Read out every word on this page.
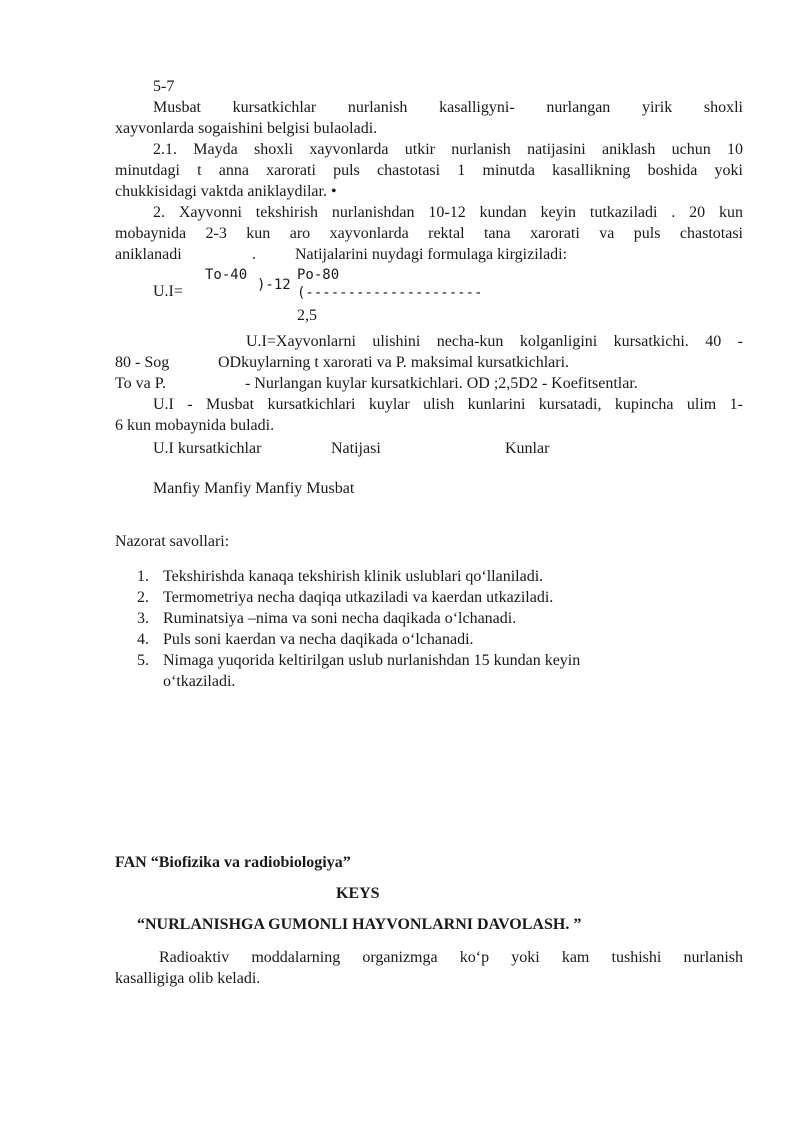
5-7

Musbat kursatkichlar nurlanish kasalligyni- nurlangan yirik shoxli

xayvonlarda sogaishini belgisi bulaoladi.

2.1. Mayda shoxli xayvonlarda utkir nurlanish natijasini aniklash uchun 10

minutdagi t anna xarorati puls chastotasi 1 minutda kasallikning boshida yoki

chukkisidagi vaktda aniklaydilar. •

2. Xayvonni tekshirish nurlanishdan 10-12 kundan keyin tutkaziladi . 20 kun

mobaynida 2-3 kun aro xayvonlarda rektal tana xarorati va puls chastotasi

aniklanadi	. Natijalarini nuydagi formulaga kirgiziladi:

To-40	Po-80
U.I=	)-12 (---------------------
2,5

U.I=Xayvonlarni ulishini necha-kun kolganligini kursatkichi. 40 -

80 - Sog	ODkuylarning t xarorati va P. maksimal kursatkichlari.

To va P.	- Nurlangan kuylar kursatkichlari. OD ;2,5D2 - Koefitsentlar.

U.I - Musbat kursatkichlari kuylar ulish kunlarini kursatadi, kupincha ulim 1-

6 kun mobaynida buladi.

U.I kursatkichlar	Natijasi	Kunlar

Manfiy Manfiy Manfiy Musbat

Nazorat savollari:

1. Tekshirishda kanaqa tekshirish klinik uslublari qo‘llaniladi.
2. Termometriya necha daqiqa utkaziladi va kaerdan utkaziladi.
3. Ruminatsiya –nima va soni necha daqikada o‘lchanadi.
4. Puls soni kaerdan va necha daqikada o‘lchanadi.
5. Nimaga yuqorida keltirilgan uslub nurlanishdan 15 kundan keyin
o‘tkaziladi.

FAN “Biofizika va radiobiologiya”

KEYS

“NURLANISHGA GUMONLI HAYVONLARNI DAVOLASH. ”

Radioaktiv moddalarning organizmga ko‘p yoki kam tushishi nurlanish

kasalligiga olib keladi.
